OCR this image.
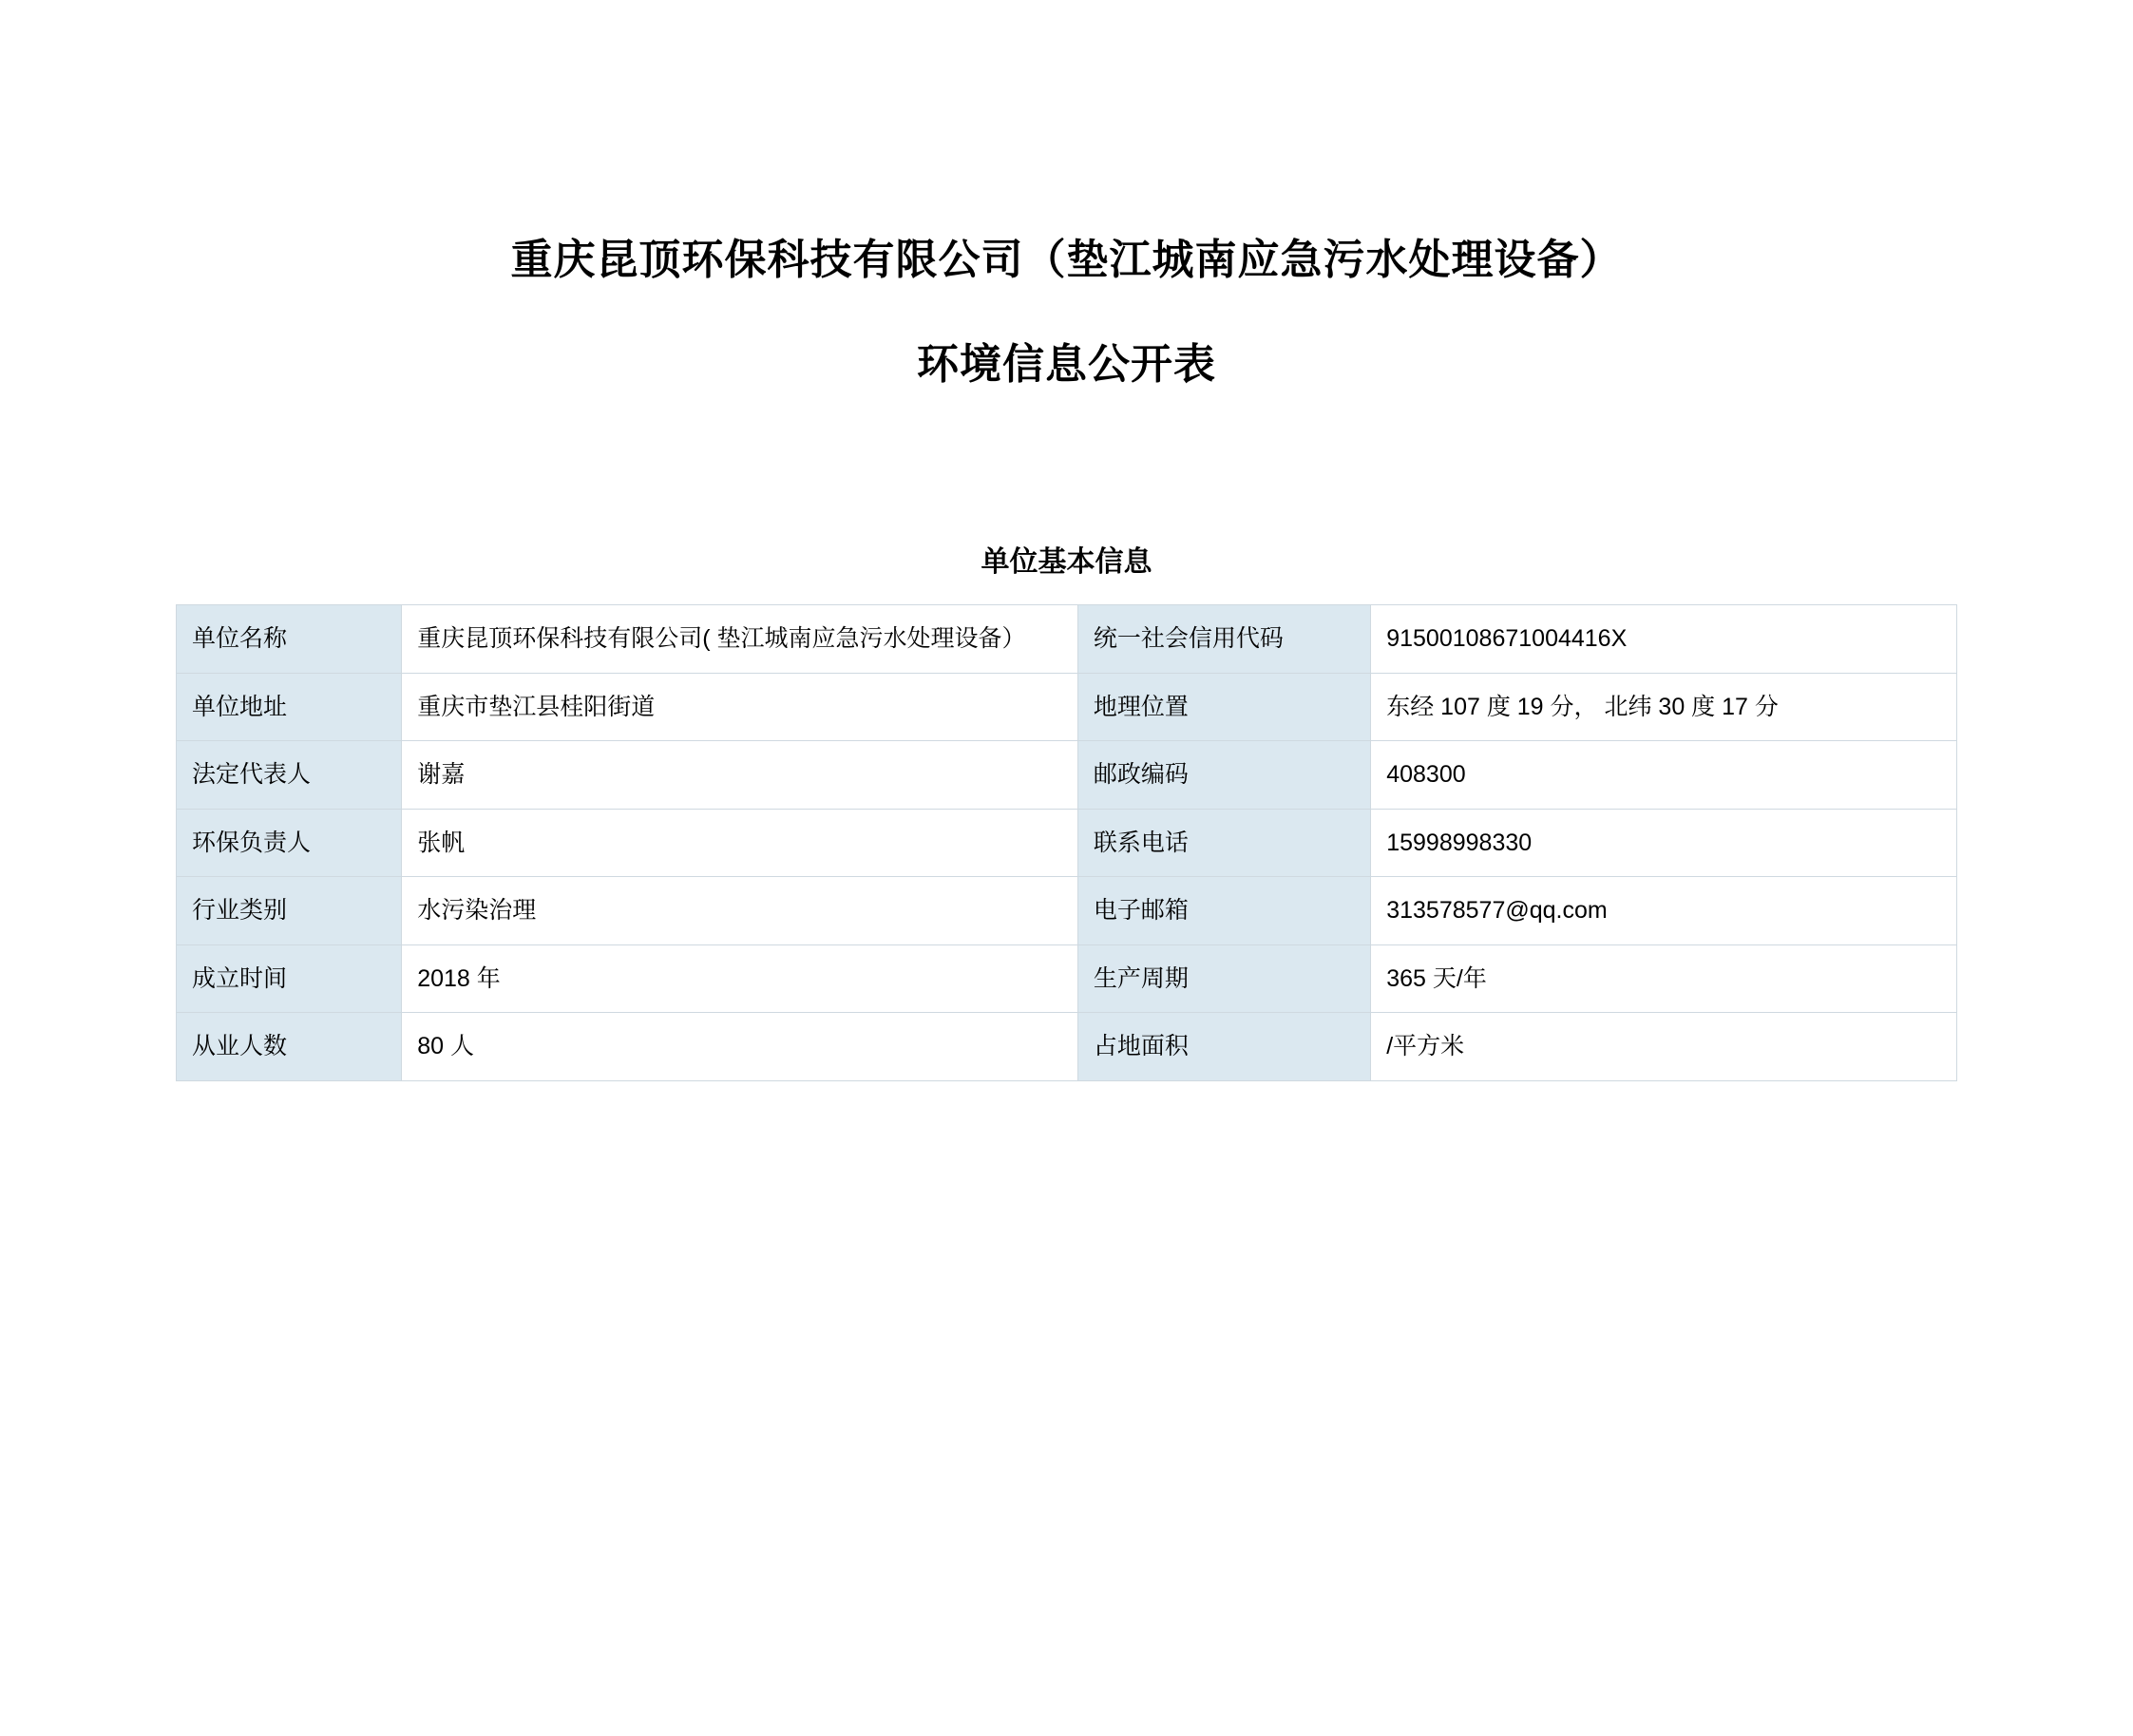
重庆昆顶环保科技有限公司（垫江城南应急污水处理设备）
环境信息公开表
单位基本信息
单位名称	重庆昆顶环保科技有限公司( 垫江城南应急污水处理设备）	统一社会信用代码	91500108671004416X
单位地址	重庆市垫江县桂阳街道	地理位置	东经 107 度 19 分， 北纬 30 度 17 分
法定代表人	谢嘉	邮政编码	408300
环保负责人	张帆	联系电话	15998998330
行业类别	水污染治理	电子邮箱	313578577@qq.com
成立时间	2018 年	生产周期	365 天/年
从业人数	80 人	占地面积	/平方米
